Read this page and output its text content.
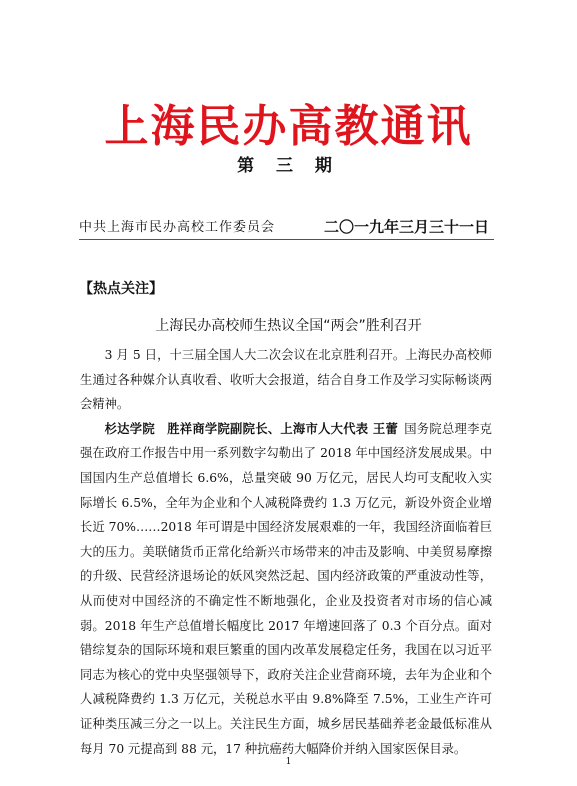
上海民办高教通讯
第 三 期
中共上海市民办高校工作委员会	二〇一九年三月三十一日
【热点关注】
上海民办高校师生热议全国“两会”胜利召开

3 月 5 日，十三届全国人大二次会议在北京胜利召开。上海民办高校师生通过各种媒介认真收看、收听大会报道，结合自身工作及学习实际畅谈两会精神。

杉达学院 胜祥商学院副院长、上海市人大代表 王蕾 国务院总理李克强在政府工作报告中用一系列数字勾勒出了 2018 年中国经济发展成果。中国国内生产总值增长 6.6%，总量突破 90 万亿元，居民人均可支配收入实际增长 6.5%，全年为企业和个人减税降费约 1.3 万亿元，新设外资企业增长近 70%……2018 年可谓是中国经济发展艰难的一年，我国经济面临着巨大的压力。美联储货币正常化给新兴市场带来的冲击及影响、中美贸易摩擦的升级、民营经济退场论的妖风突然泛起、国内经济政策的严重波动性等，从而使对中国经济的不确定性不断地强化，企业及投资者对市场的信心减弱。2018 年生产总值增长幅度比 2017 年增速回落了 0.3 个百分点。面对错综复杂的国际环境和艰巨繁重的国内改革发展稳定任务，我国在以习近平同志为核心的党中央坚强领导下，政府关注企业营商环境，去年为企业和个人减税降费约 1.3 万亿元，关税总水平由 9.8%降至 7.5%，工业生产许可证种类压减三分之一以上。关注民生方面，城乡居民基础养老金最低标准从每月 70 元提高到 88 元，17 种抗癌药大幅降价并纳入国家医保目录。

1
